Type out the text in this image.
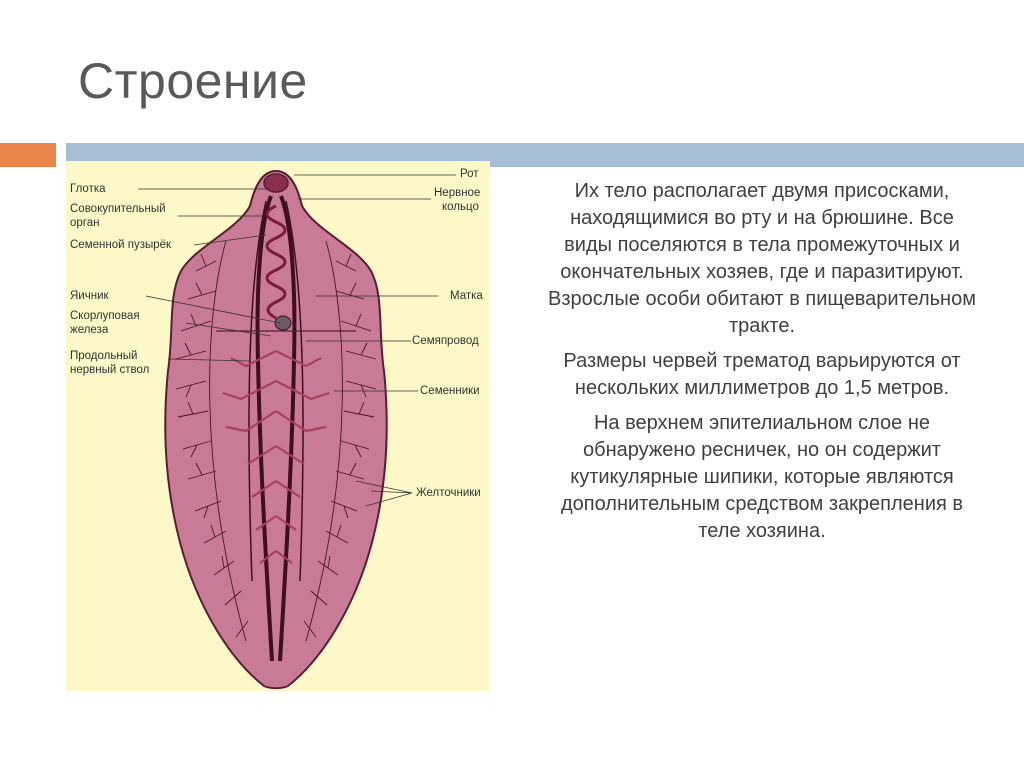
Строение
Глотка
Совокупительный
орган
Семенной пузырёк
Яичник
Скорлуповая
железа
Продольный
нервный ствол
Рот
Нервное
кольцо
Матка
Семяпровод
Семенники
Желточники

Их тело располагает двумя присосками, находящимися во рту и на брюшине. Все виды поселяются в тела промежуточных и окончательных хозяев, где и паразитируют. Взрослые особи обитают в пищеварительном тракте.

Размеры червей трематод варьируются от нескольких миллиметров до 1,5 метров.

На верхнем эпителиальном слое не обнаружено ресничек, но он содержит кутикулярные шипики, которые являются дополнительным средством закрепления в теле хозяина.
